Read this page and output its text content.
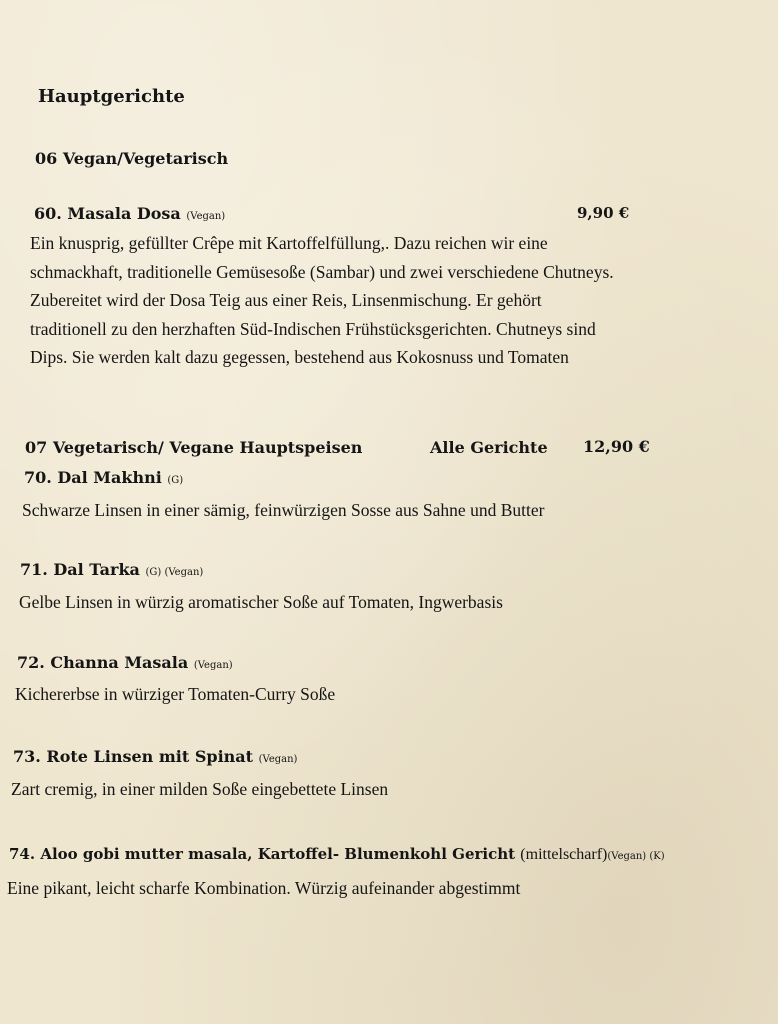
Hauptgerichte
06 Vegan/Vegetarisch
60. Masala Dosa (Vegan)	9,90 €
Ein knusprig, gefüllter Crêpe mit Kartoffelfüllung,. Dazu reichen wir eine
schmackhaft, traditionelle Gemüsesoße (Sambar) und zwei verschiedene Chutneys.
Zubereitet wird der Dosa Teig aus einer Reis, Linsenmischung. Er gehört
traditionell zu den herzhaften Süd-Indischen Frühstücksgerichten. Chutneys sind
Dips. Sie werden kalt dazu gegessen, bestehend aus Kokosnuss und Tomaten
07 Vegetarisch/ Vegane Hauptspeisen	Alle Gerichte 12,90 €
70. Dal Makhni (G)
Schwarze Linsen in einer sämig, feinwürzigen Sosse aus Sahne und Butter
71. Dal Tarka (G) (Vegan)
Gelbe Linsen in würzig aromatischer Soße auf Tomaten, Ingwerbasis
72. Channa Masala (Vegan)
Kichererbse in würziger Tomaten-Curry Soße
73. Rote Linsen mit Spinat (Vegan)
Zart cremig, in einer milden Soße eingebettete Linsen
74. Aloo gobi mutter masala, Kartoffel- Blumenkohl Gericht (mittelscharf)(Vegan) (K)
Eine pikant, leicht scharfe Kombination. Würzig aufeinander abgestimmt
